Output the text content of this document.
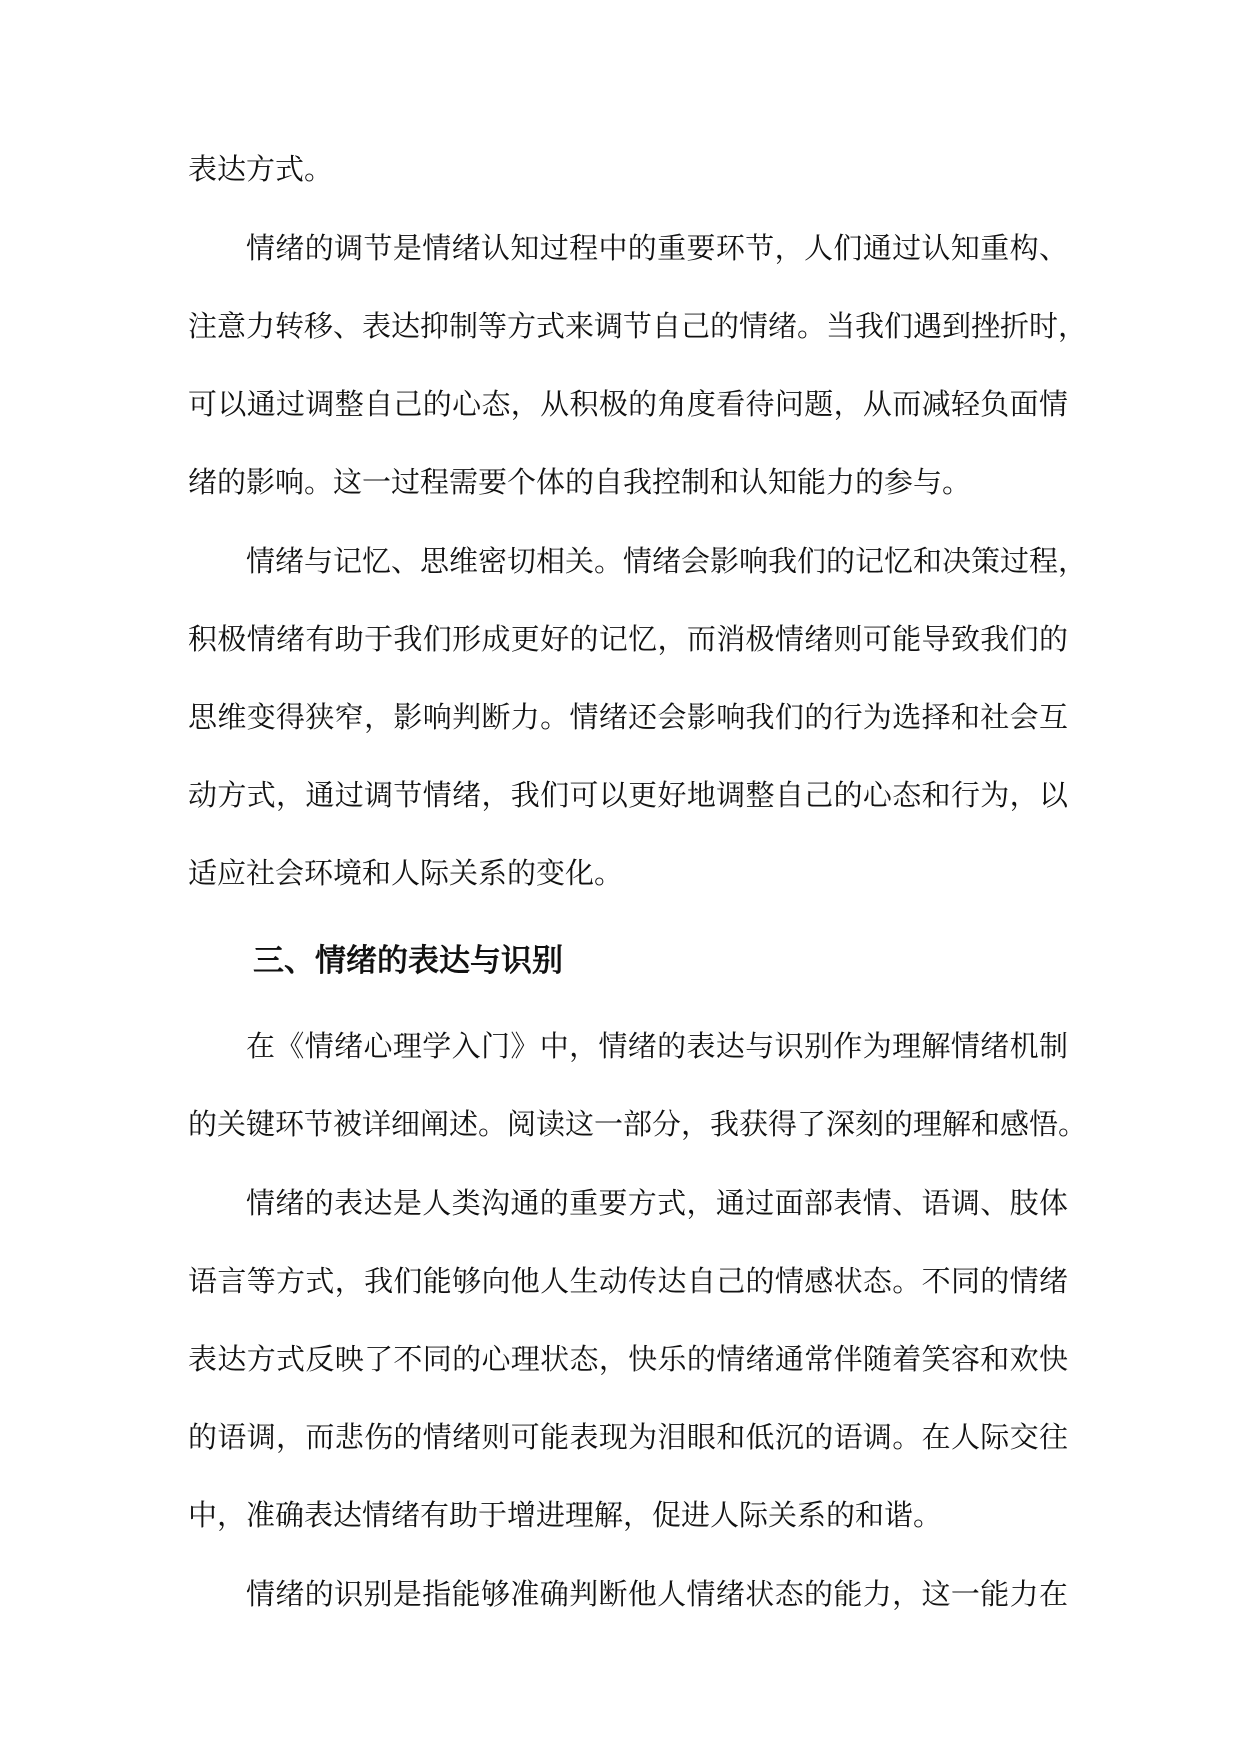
表达方式。
情绪的调节是情绪认知过程中的重要环节，人们通过认知重构、
注意力转移、表达抑制等方式来调节自己的情绪。当我们遇到挫折时，
可以通过调整自己的心态，从积极的角度看待问题，从而减轻负面情
绪的影响。这一过程需要个体的自我控制和认知能力的参与。
情绪与记忆、思维密切相关。情绪会影响我们的记忆和决策过程，
积极情绪有助于我们形成更好的记忆，而消极情绪则可能导致我们的
思维变得狭窄，影响判断力。情绪还会影响我们的行为选择和社会互
动方式，通过调节情绪，我们可以更好地调整自己的心态和行为，以
适应社会环境和人际关系的变化。
三、情绪的表达与识别
在《情绪心理学入门》中，情绪的表达与识别作为理解情绪机制
的关键环节被详细阐述。阅读这一部分，我获得了深刻的理解和感悟。
情绪的表达是人类沟通的重要方式，通过面部表情、语调、肢体
语言等方式，我们能够向他人生动传达自己的情感状态。不同的情绪
表达方式反映了不同的心理状态，快乐的情绪通常伴随着笑容和欢快
的语调，而悲伤的情绪则可能表现为泪眼和低沉的语调。在人际交往
中，准确表达情绪有助于增进理解，促进人际关系的和谐。
情绪的识别是指能够准确判断他人情绪状态的能力，这一能力在
